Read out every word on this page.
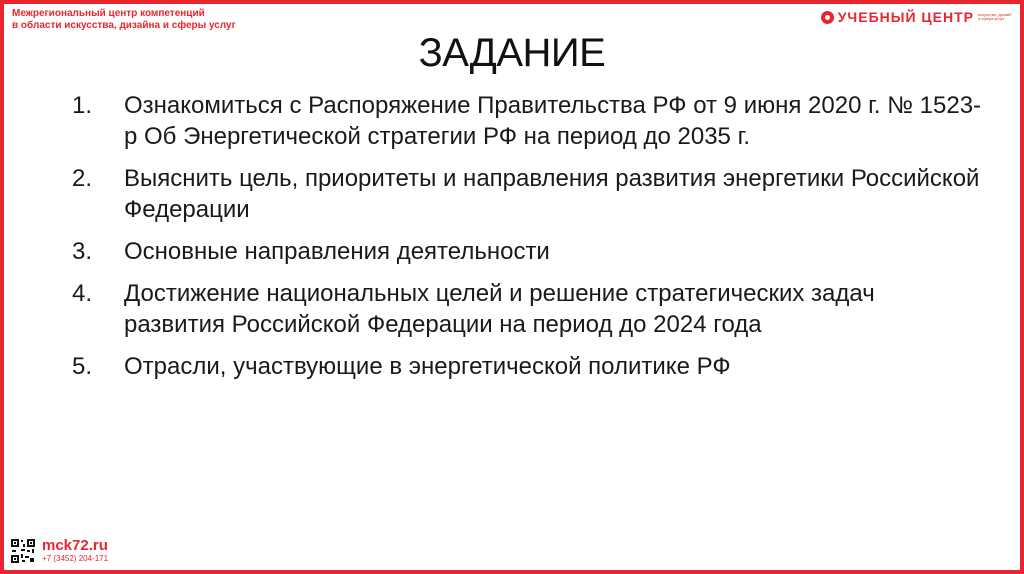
Межрегиональный центр компетенций
в области искусства, дизайна и сферы услуг
УЧЕБНЫЙ ЦЕНТР искусство, дизайн
и сфера услуг
ЗАДАНИЕ
1.	Ознакомиться с Распоряжение Правительства РФ от 9 июня 2020 г. № 1523-р Об Энергетической стратегии РФ на период до 2035 г.
2.	Выяснить цель, приоритеты и направления развития энергетики Российской Федерации
3.	Основные направления деятельности
4.	Достижение национальных целей и решение стратегических задач развития Российской Федерации на период до 2024 года
5.	Отрасли, участвующие в энергетической политике РФ
mck72.ru
+7 (3452) 204-171
